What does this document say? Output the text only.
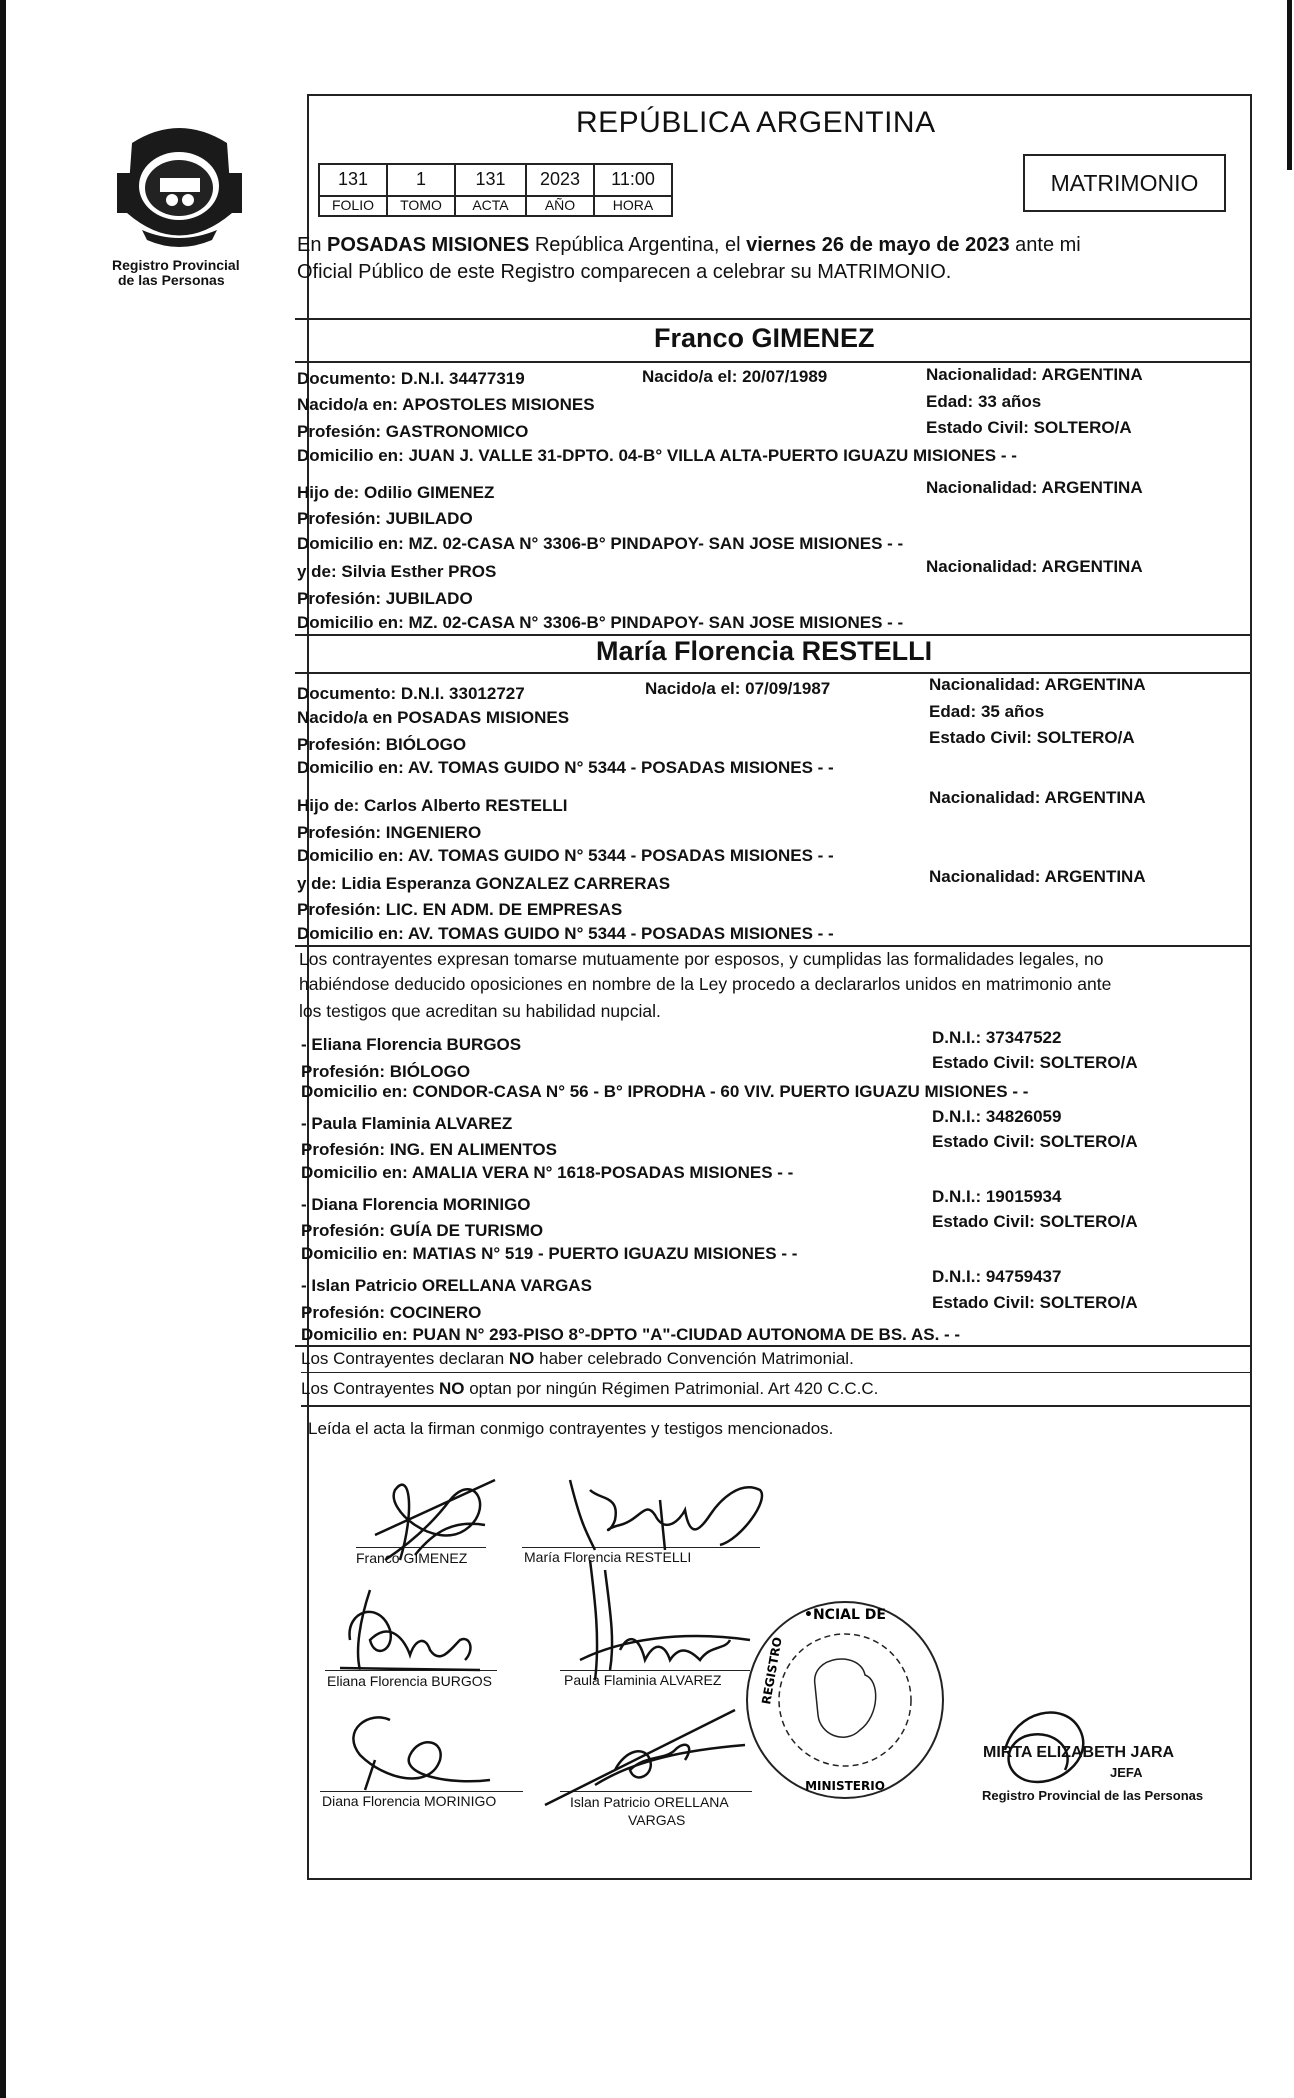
Registro Provincial
de las Personas
REPÚBLICA ARGENTINA
131	1	131	2023	11:00
FOLIO	TOMO	ACTA	AÑO	HORA
MATRIMONIO
En POSADAS MISIONES República Argentina, el viernes 26 de mayo de 2023 ante mi
Oficial Público de este Registro comparecen a celebrar su MATRIMONIO.
Franco GIMENEZ
Documento: D.N.I. 34477319	Nacido/a el: 20/07/1989	Nacionalidad: ARGENTINA
Nacido/a en: APOSTOLES MISIONES	Edad: 33 años
Profesión: GASTRONOMICO	Estado Civil: SOLTERO/A
Domicilio en: JUAN J. VALLE 31-DPTO. 04-B° VILLA ALTA-PUERTO IGUAZU MISIONES - -
Hijo de: Odilio GIMENEZ	Nacionalidad: ARGENTINA
Profesión: JUBILADO
Domicilio en: MZ. 02-CASA N° 3306-B° PINDAPOY- SAN JOSE MISIONES - -
y de: Silvia Esther PROS	Nacionalidad: ARGENTINA
Profesión: JUBILADO
Domicilio en: MZ. 02-CASA N° 3306-B° PINDAPOY- SAN JOSE MISIONES - -
María Florencia RESTELLI
Documento: D.N.I. 33012727	Nacido/a el: 07/09/1987	Nacionalidad: ARGENTINA
Nacido/a en POSADAS MISIONES	Edad: 35 años
Profesión: BIÓLOGO	Estado Civil: SOLTERO/A
Domicilio en: AV. TOMAS GUIDO N° 5344 - POSADAS MISIONES - -
Hijo de: Carlos Alberto RESTELLI	Nacionalidad: ARGENTINA
Profesión: INGENIERO
Domicilio en: AV. TOMAS GUIDO N° 5344 - POSADAS MISIONES - -
y de: Lidia Esperanza GONZALEZ CARRERAS	Nacionalidad: ARGENTINA
Profesión: LIC. EN ADM. DE EMPRESAS
Domicilio en: AV. TOMAS GUIDO N° 5344 - POSADAS MISIONES - -
Los contrayentes expresan tomarse mutuamente por esposos, y cumplidas las formalidades legales, no
habiéndose deducido oposiciones en nombre de la Ley procedo a declararlos unidos en matrimonio ante
los testigos que acreditan su habilidad nupcial.
- Eliana Florencia BURGOS	D.N.I.: 37347522
Profesión: BIÓLOGO	Estado Civil: SOLTERO/A
Domicilio en: CONDOR-CASA N° 56 - B° IPRODHA - 60 VIV. PUERTO IGUAZU MISIONES - -
- Paula Flaminia ALVAREZ	D.N.I.: 34826059
Profesión: ING. EN ALIMENTOS	Estado Civil: SOLTERO/A
Domicilio en: AMALIA VERA N° 1618-POSADAS MISIONES - -
- Diana Florencia MORINIGO	D.N.I.: 19015934
Profesión: GUÍA DE TURISMO	Estado Civil: SOLTERO/A
Domicilio en: MATIAS N° 519 - PUERTO IGUAZU MISIONES - -
- Islan Patricio ORELLANA VARGAS	D.N.I.: 94759437
Profesión: COCINERO
Estado Civil: SOLTERO/A
Domicilio en: PUAN N° 293-PISO 8°-DPTO "A"-CIUDAD AUTONOMA DE BS. AS. - -
Los Contrayentes declaran NO haber celebrado Convención Matrimonial.
Los Contrayentes NO optan por ningún Régimen Patrimonial. Art 420 C.C.C.
Leída el acta la firman conmigo contrayentes y testigos mencionados.
Franco GIMENEZ	María Florencia RESTELLI
Eliana Florencia BURGOS	Paula Flaminia ALVAREZ
Diana Florencia MORINIGO	Islan Patricio ORELLANA
VARGAS
•NCIAL DE
REGISTRO
MINISTERIO
MIRTA ELIZABETH JARA
JEFA
Registro Provincial de las Personas
